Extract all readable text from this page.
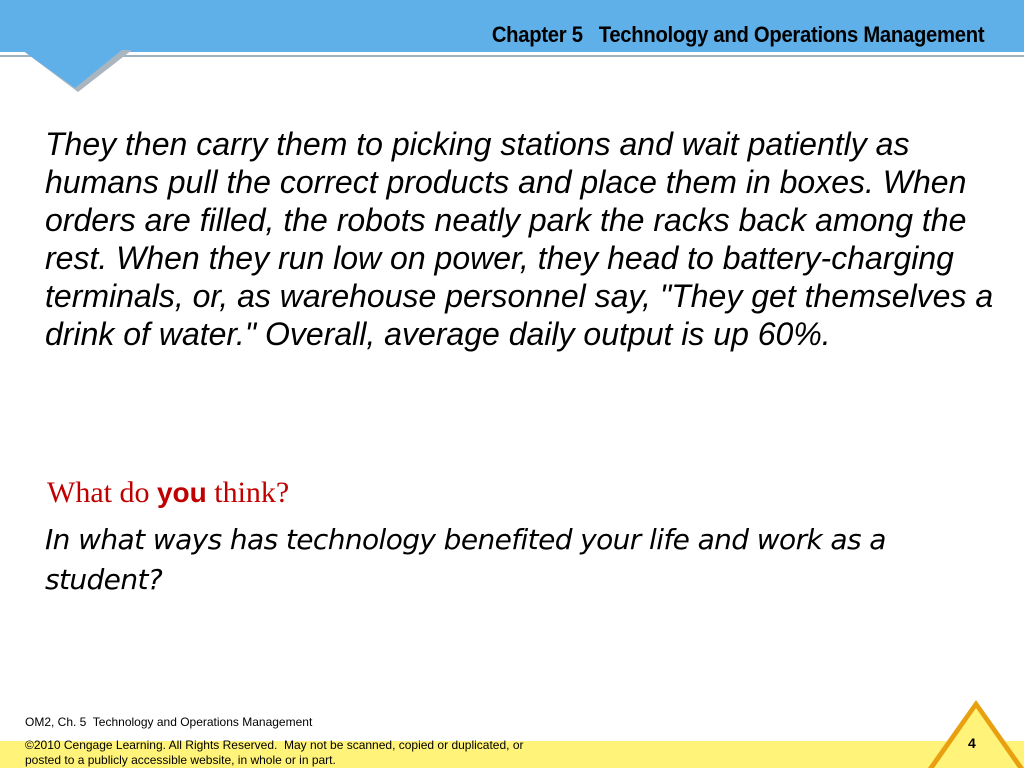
Chapter 5   Technology and Operations Management

They then carry them to picking stations and wait patiently as humans pull the correct products and place them in boxes. When orders are filled, the robots neatly park the racks back among the rest. When they run low on power, they head to battery-charging terminals, or, as warehouse personnel say, "They get themselves a drink of water." Overall, average daily output is up 60%.

What do you think?

In what ways has technology benefited your life and work as a student?

OM2, Ch. 5  Technology and Operations Management
©2010 Cengage Learning. All Rights Reserved.  May not be scanned, copied or duplicated, or
posted to a publicly accessible website, in whole or in part.
4
